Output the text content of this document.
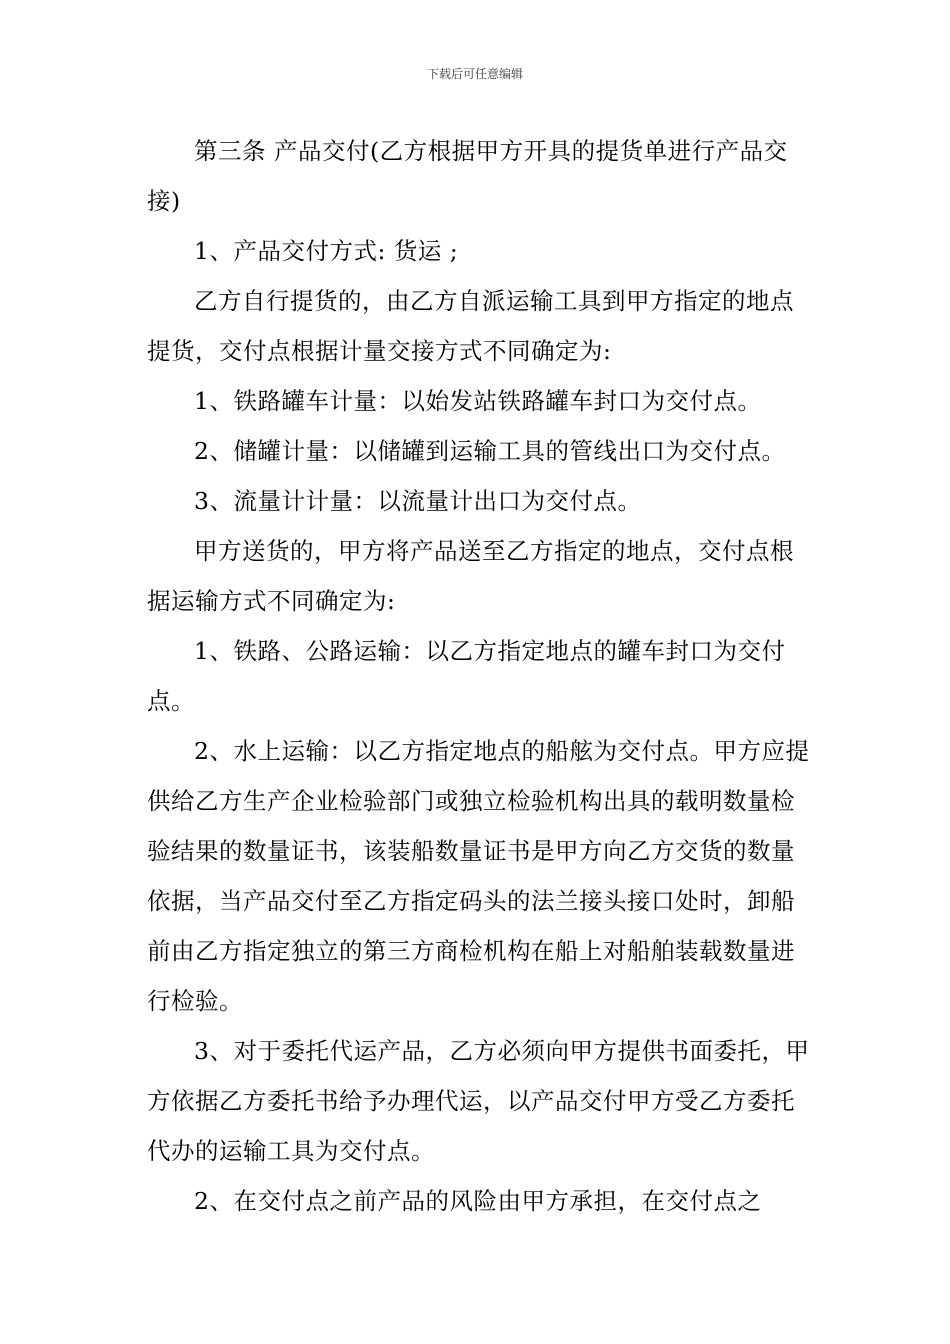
下载后可任意编辑

第三条 产品交付(乙方根据甲方开具的提货单进行产品交接)

1、产品交付方式: 货运 ;

乙方自行提货的，由乙方自派运输工具到甲方指定的地点提货，交付点根据计量交接方式不同确定为:

1、铁路罐车计量：以始发站铁路罐车封口为交付点。

2、储罐计量：以储罐到运输工具的管线出口为交付点。

3、流量计计量：以流量计出口为交付点。

甲方送货的，甲方将产品送至乙方指定的地点，交付点根据运输方式不同确定为:

1、铁路、公路运输：以乙方指定地点的罐车封口为交付点。

2、水上运输：以乙方指定地点的船舷为交付点。甲方应提供给乙方生产企业检验部门或独立检验机构出具的载明数量检验结果的数量证书，该装船数量证书是甲方向乙方交货的数量依据，当产品交付至乙方指定码头的法兰接头接口处时，卸船前由乙方指定独立的第三方商检机构在船上对船舶装载数量进行检验。

3、对于委托代运产品，乙方必须向甲方提供书面委托，甲方依据乙方委托书给予办理代运，以产品交付甲方受乙方委托代办的运输工具为交付点。

2、在交付点之前产品的风险由甲方承担，在交付点之
